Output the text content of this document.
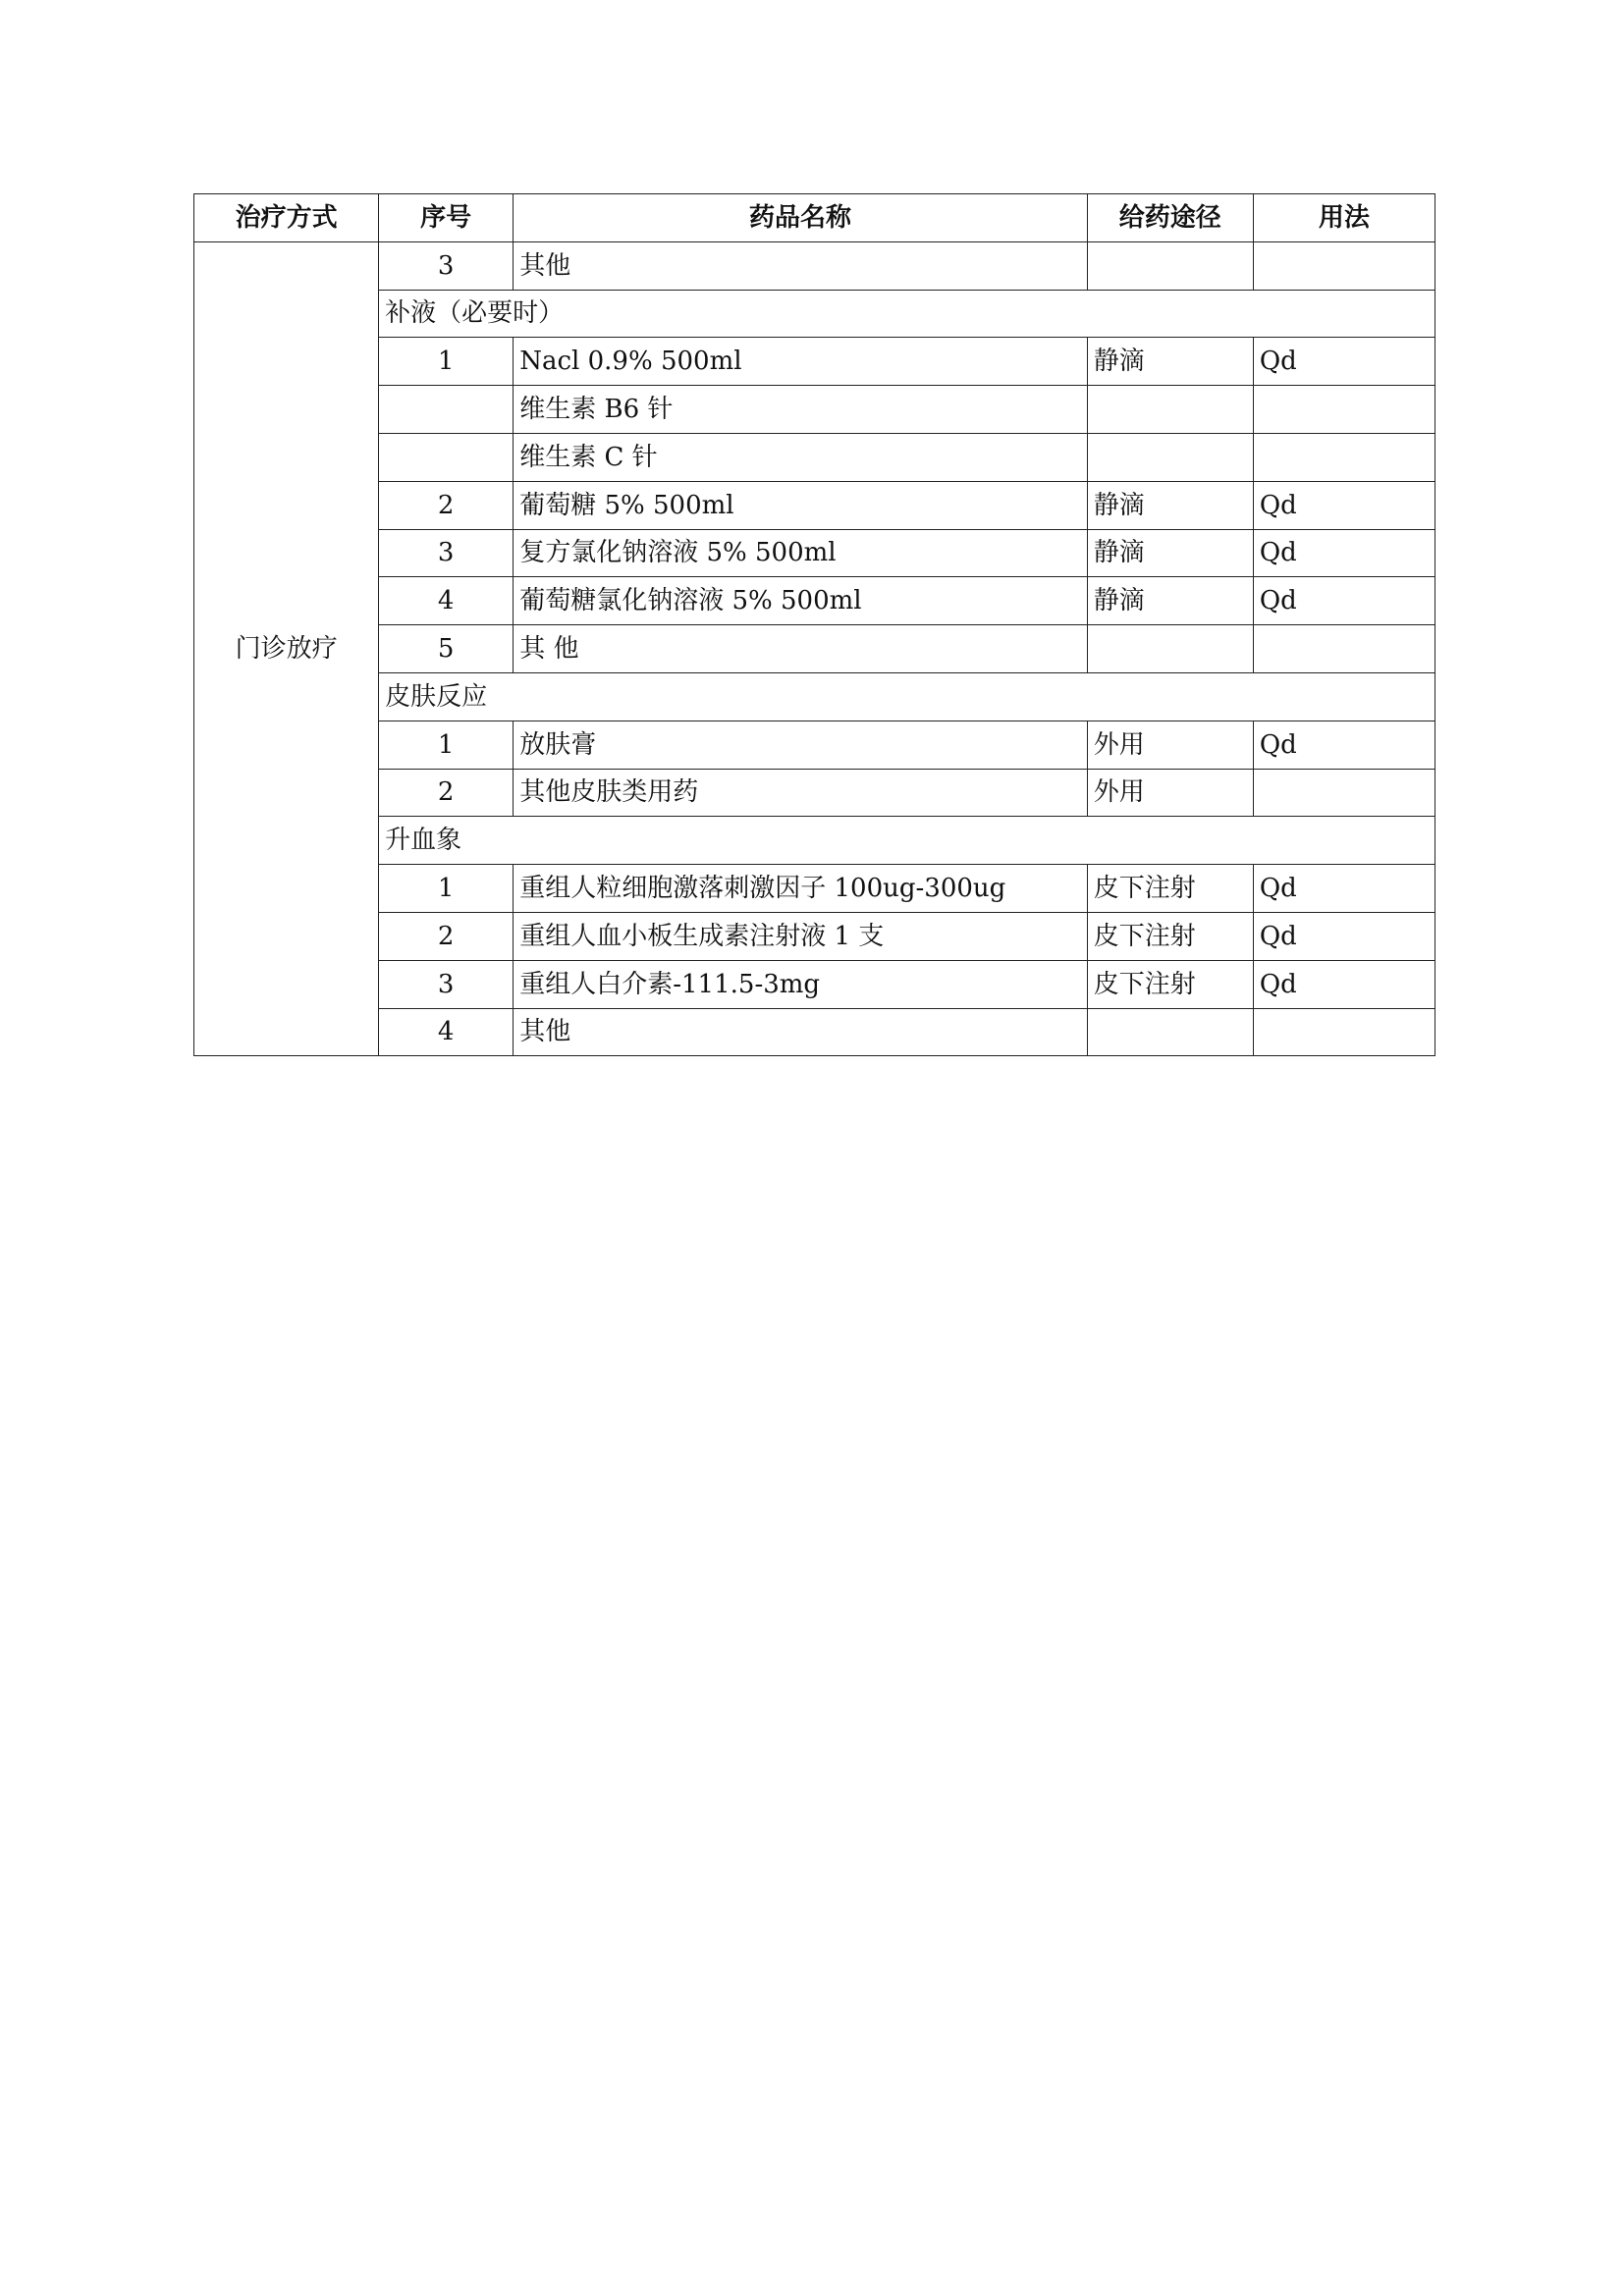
治疗方式	序号	药品名称	给药途径	用法
门诊放疗	3	其他		
	补液（必要时）			
	1	Nacl 0.9% 500ml	静滴	Qd
		维生素 B6 针		
		维生素 C 针		
	2	葡萄糖 5% 500ml	静滴	Qd
	3	复方氯化钠溶液 5% 500ml	静滴	Qd
	4	葡萄糖氯化钠溶液 5% 500ml	静滴	Qd
	5	其 他		
	皮肤反应			
	1	放肤膏	外用	Qd
	2	其他皮肤类用药	外用	
	升血象			
	1	重组人粒细胞激落刺激因子 100ug-300ug	皮下注射	Qd
	2	重组人血小板生成素注射液 1 支	皮下注射	Qd
	3	重组人白介素-111.5-3mg	皮下注射	Qd
	4	其他		
